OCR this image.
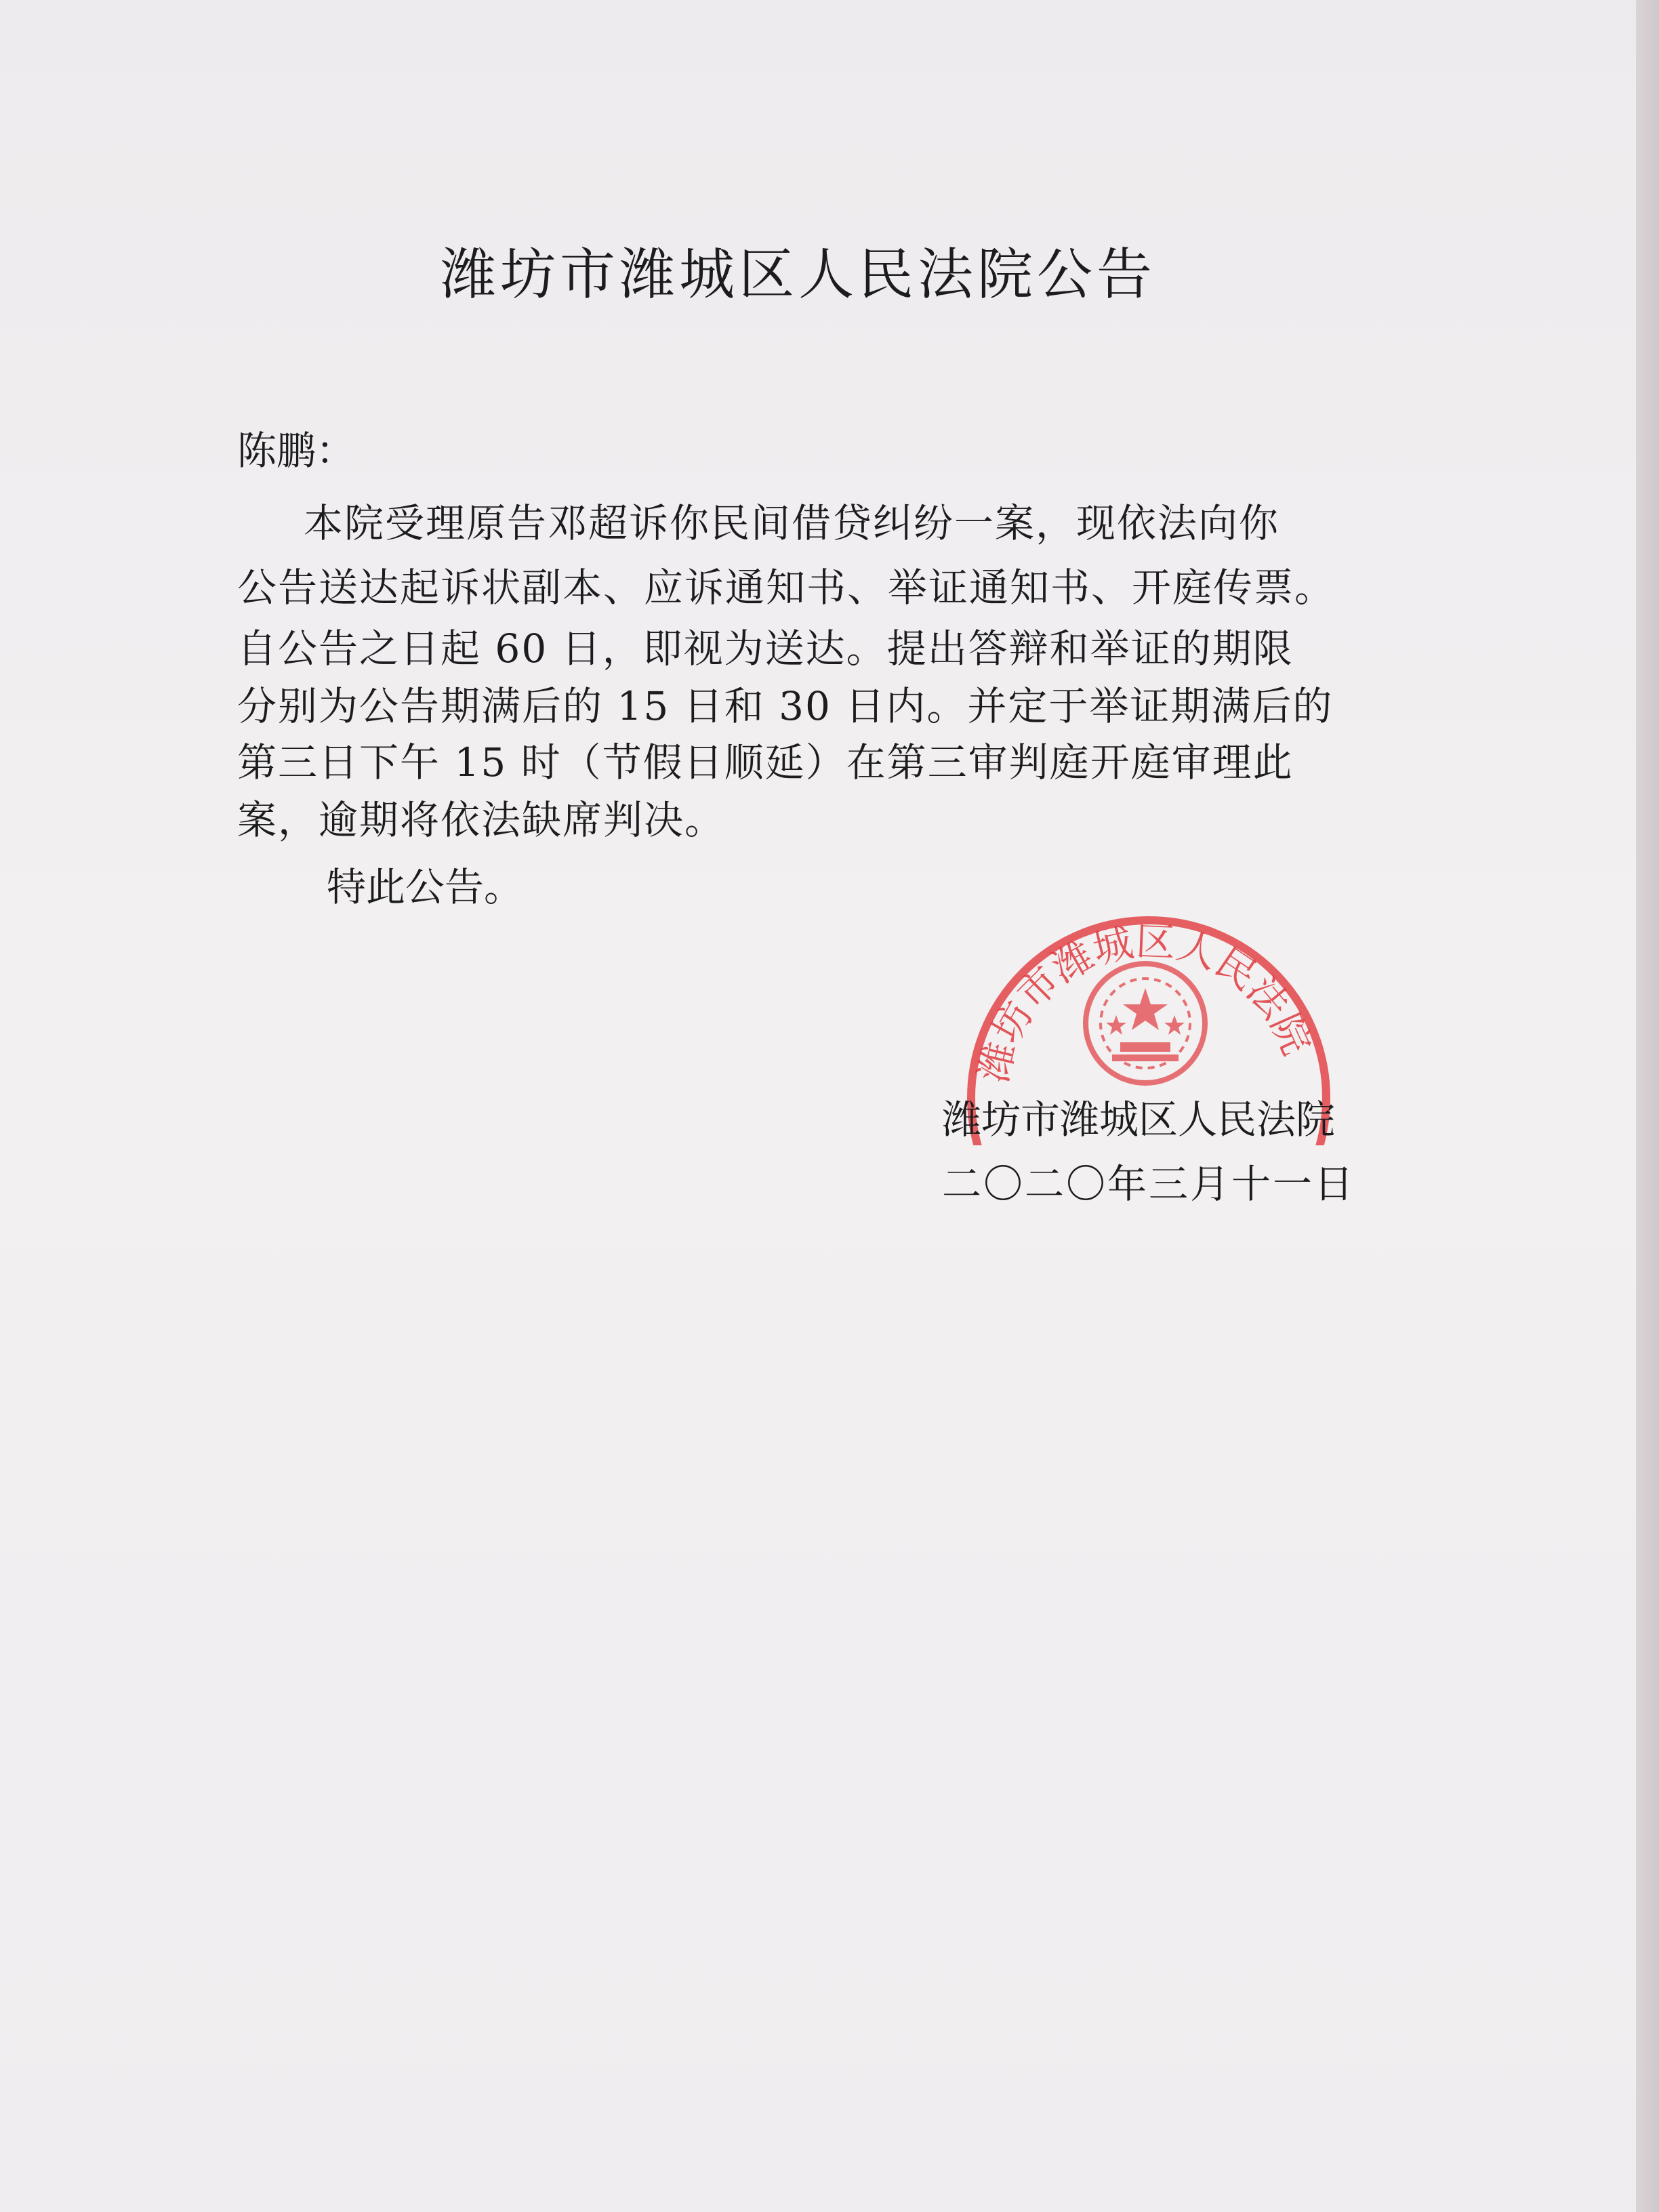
潍坊市潍城区人民法院公告
陈鹏：
本院受理原告邓超诉你民间借贷纠纷一案，现依法向你
公告送达起诉状副本、应诉通知书、举证通知书、开庭传票。
自公告之日起 60 日，即视为送达。提出答辩和举证的期限
分别为公告期满后的 15 日和 30 日内。并定于举证期满后的
第三日下午 15 时（节假日顺延）在第三审判庭开庭审理此
案，逾期将依法缺席判决。
特此公告。
潍坊市潍城区人民法院
潍坊市潍城区人民法院
二〇二〇年三月十一日
